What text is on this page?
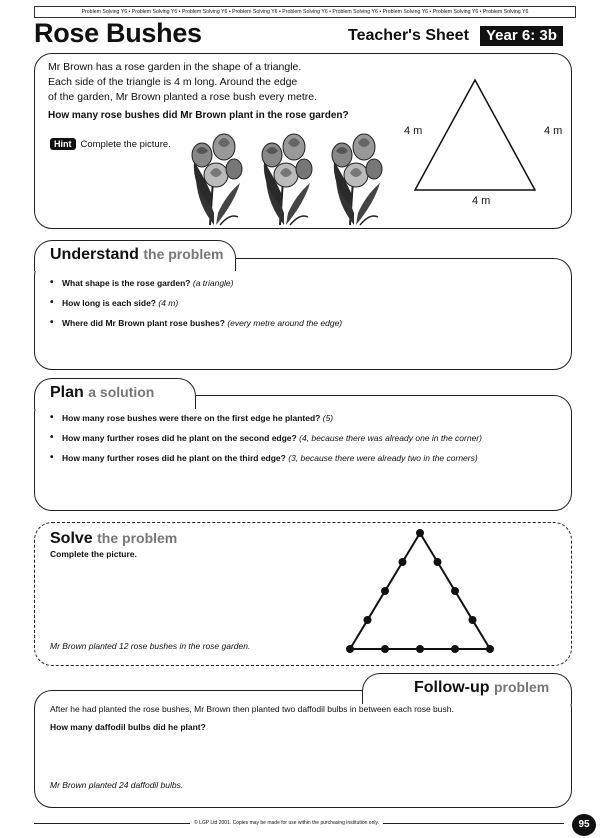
Problem Solving Y6 • Problem Solving Y6 • Problem Solving Y6 • Problem Solving Y6 • Problem Solving Y6 • Problem Solving Y6 • Problem Solving Y6 • Problem Solving Y6 • Problem Solving Y6
Rose Bushes	Teacher's Sheet	Year 6: 3b
Mr Brown has a rose garden in the shape of a triangle.
Each side of the triangle is 4 m long. Around the edge
of the garden, Mr Brown planted a rose bush every metre.
How many rose bushes did Mr Brown plant in the rose garden?
Hint Complete the picture.
4 m	4 m
4 m
Understand the problem
• What shape is the rose garden? (a triangle)
• How long is each side? (4 m)
• Where did Mr Brown plant rose bushes? (every metre around the edge)
Plan a solution
• How many rose bushes were there on the first edge he planted? (5)
• How many further roses did he plant on the second edge? (4, because there was already one in the corner)
• How many further roses did he plant on the third edge? (3, because there were already two in the corners)
Solve the problem
Complete the picture.
Mr Brown planted 12 rose bushes in the rose garden.
Follow-up problem
After he had planted the rose bushes, Mr Brown then planted two daffodil bulbs in between each rose bush.
How many daffodil bulbs did he plant?
Mr Brown planted 24 daffodil bulbs.
© LGP Ltd 2001. Copies may be made for use within the purchasing institution only.	95
